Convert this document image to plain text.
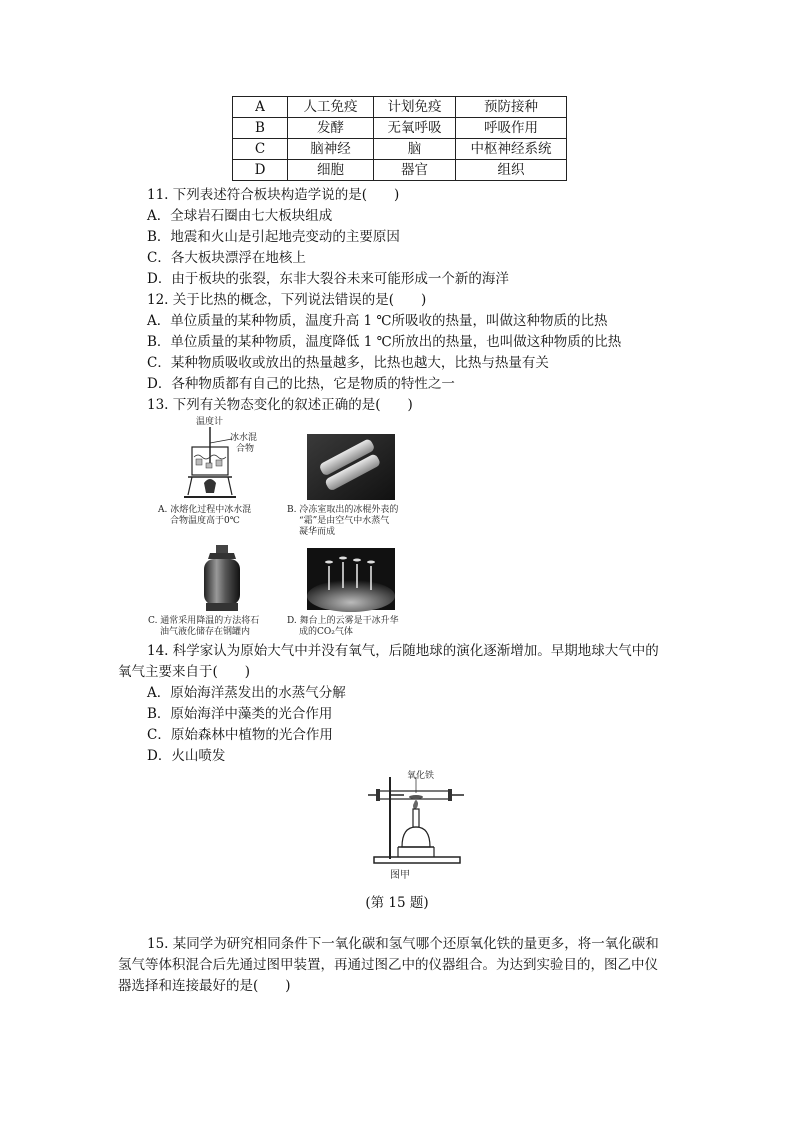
A	人工免疫	计划免疫	预防接种
B	发酵	无氧呼吸	呼吸作用
C	脑神经	脑	中枢神经系统
D	细胞	器官	组织
11. 下列表述符合板块构造学说的是(　　)
A．全球岩石圈由七大板块组成
B．地震和火山是引起地壳变动的主要原因
C．各大板块漂浮在地核上
D．由于板块的张裂，东非大裂谷未来可能形成一个新的海洋
12. 关于比热的概念，下列说法错误的是(　　)
A．单位质量的某种物质，温度升高 1 ℃所吸收的热量，叫做这种物质的比热
B．单位质量的某种物质，温度降低 1 ℃所放出的热量，也叫做这种物质的比热
C．某种物质吸收或放出的热量越多，比热也越大，比热与热量有关
D．各种物质都有自己的比热，它是物质的特性之一
13. 下列有关物态变化的叙述正确的是(　　)
温度计
冰水混
合物
A. 冰熔化过程中冰水混
合物温度高于0℃
B. 冷冻室取出的冰棍外表的
“霜”是由空气中水蒸气
凝华而成
C. 通常采用降温的方法将石
油气液化储存在钢罐内
D. 舞台上的云雾是干冰升华
成的CO₂气体
14. 科学家认为原始大气中并没有氧气，后随地球的演化逐渐增加。早期地球大气中的
氧气主要来自于(　　)
A．原始海洋蒸发出的水蒸气分解
B．原始海洋中藻类的光合作用
C．原始森林中植物的光合作用
D．火山喷发
氧化铁
图甲
(第 15 题)
15. 某同学为研究相同条件下一氧化碳和氢气哪个还原氧化铁的量更多，将一氧化碳和
氢气等体积混合后先通过图甲装置，再通过图乙中的仪器组合。为达到实验目的，图乙中仪
器选择和连接最好的是(　　)
